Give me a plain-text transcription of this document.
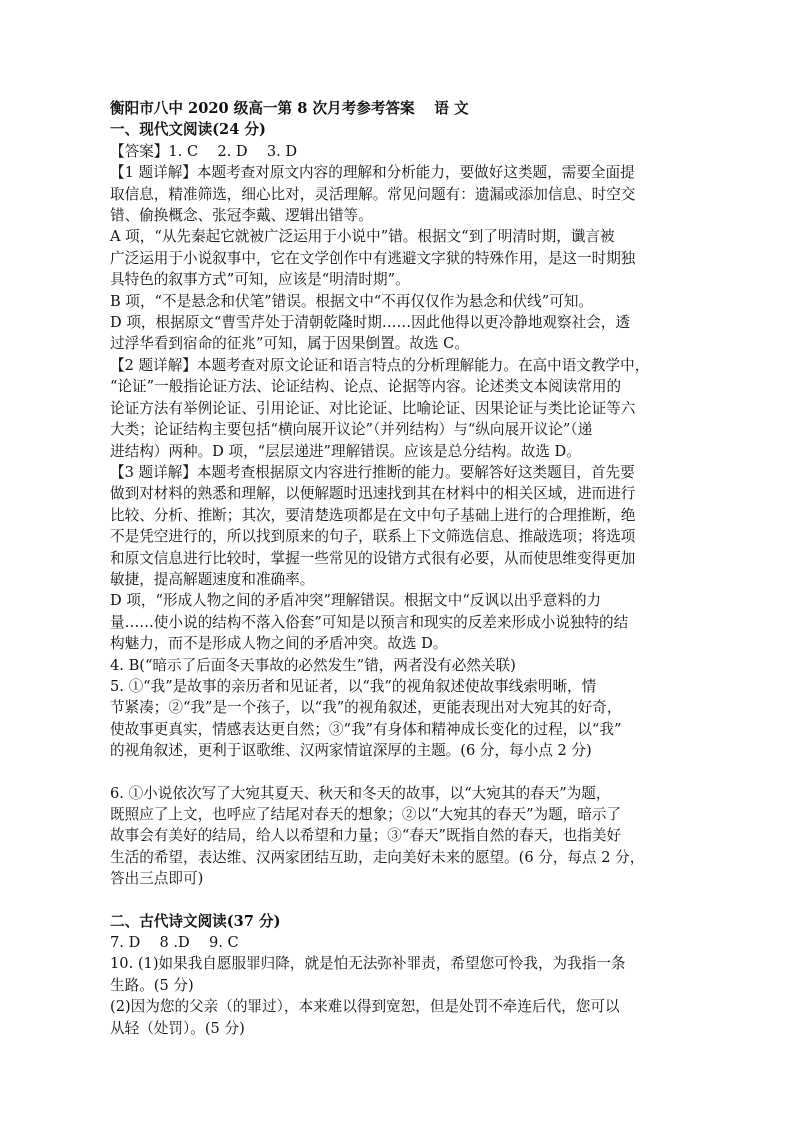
衡阳市八中 2020 级高一第 8 次月考参考答案　 语 文

一、现代文阅读(24 分)

【答案】1. C　 2. D　 3. D

【1 题详解】本题考查对原文内容的理解和分析能力，要做好这类题，需要全面提

取信息，精准筛选，细心比对，灵活理解。常见问题有：遗漏或添加信息、时空交

错、偷换概念、张冠李戴、逻辑出错等。

A 项，“从先秦起它就被广泛运用于小说中”错。根据文“到了明清时期，谶言被

广泛运用于小说叙事中，它在文学创作中有逃避文字狱的特殊作用，是这一时期独

具特色的叙事方式”可知，应该是“明清时期”。

B 项，“不是悬念和伏笔”错误。根据文中“不再仅仅作为悬念和伏线”可知。

D 项，根据原文“曹雪芹处于清朝乾隆时期……因此他得以更冷静地观察社会，透

过浮华看到宿命的征兆”可知，属于因果倒置。故选 C。

【2 题详解】本题考查对原文论证和语言特点的分析理解能力。在高中语文教学中，

“论证”一般指论证方法、论证结构、论点、论据等内容。论述类文本阅读常用的

论证方法有举例论证、引用论证、对比论证、比喻论证、因果论证与类比论证等六

大类；论证结构主要包括“横向展开议论”（并列结构）与“纵向展开议论”（递

进结构）两种。D 项，“层层递进”理解错误。应该是总分结构。故选 D。

【3 题详解】本题考查根据原文内容进行推断的能力。要解答好这类题目，首先要

做到对材料的熟悉和理解，以便解题时迅速找到其在材料中的相关区域，进而进行

比较、分析、推断；其次，要清楚选项都是在文中句子基础上进行的合理推断，绝

不是凭空进行的，所以找到原来的句子，联系上下文筛选信息、推敲选项；将选项

和原文信息进行比较时，掌握一些常见的设错方式很有必要，从而使思维变得更加

敏捷，提高解题速度和准确率。

D 项，“形成人物之间的矛盾冲突”理解错误。根据文中“反讽以出乎意料的力

量……使小说的结构不落入俗套”可知是以预言和现实的反差来形成小说独特的结

构魅力，而不是形成人物之间的矛盾冲突。故选 D。

4. B(“暗示了后面冬天事故的必然发生”错，两者没有必然关联)

5. ①“我”是故事的亲历者和见证者，以“我”的视角叙述使故事线索明晰，情

节紧凑；②“我”是一个孩子，以“我”的视角叙述，更能表现出对大宛其的好奇，

使故事更真实，情感表达更自然；③“我”有身体和精神成长变化的过程，以“我”

的视角叙述，更利于讴歌维、汉两家情谊深厚的主题。(6 分，每小点 2 分)

6. ①小说依次写了大宛其夏天、秋天和冬天的故事，以“大宛其的春天”为题，

既照应了上文，也呼应了结尾对春天的想象；②以“大宛其的春天”为题，暗示了

故事会有美好的结局，给人以希望和力量；③“春天”既指自然的春天，也指美好

生活的希望，表达维、汉两家团结互助，走向美好未来的愿望。(6 分，每点 2 分，

答出三点即可)

二、古代诗文阅读(37 分)

7. D　 8 .D　 9. C

10. (1)如果我自愿服罪归降，就是怕无法弥补罪责，希望您可怜我，为我指一条

生路。(5 分)

(2)因为您的父亲（的罪过），本来难以得到宽恕，但是处罚不牵连后代，您可以

从轻（处罚）。(5 分)
